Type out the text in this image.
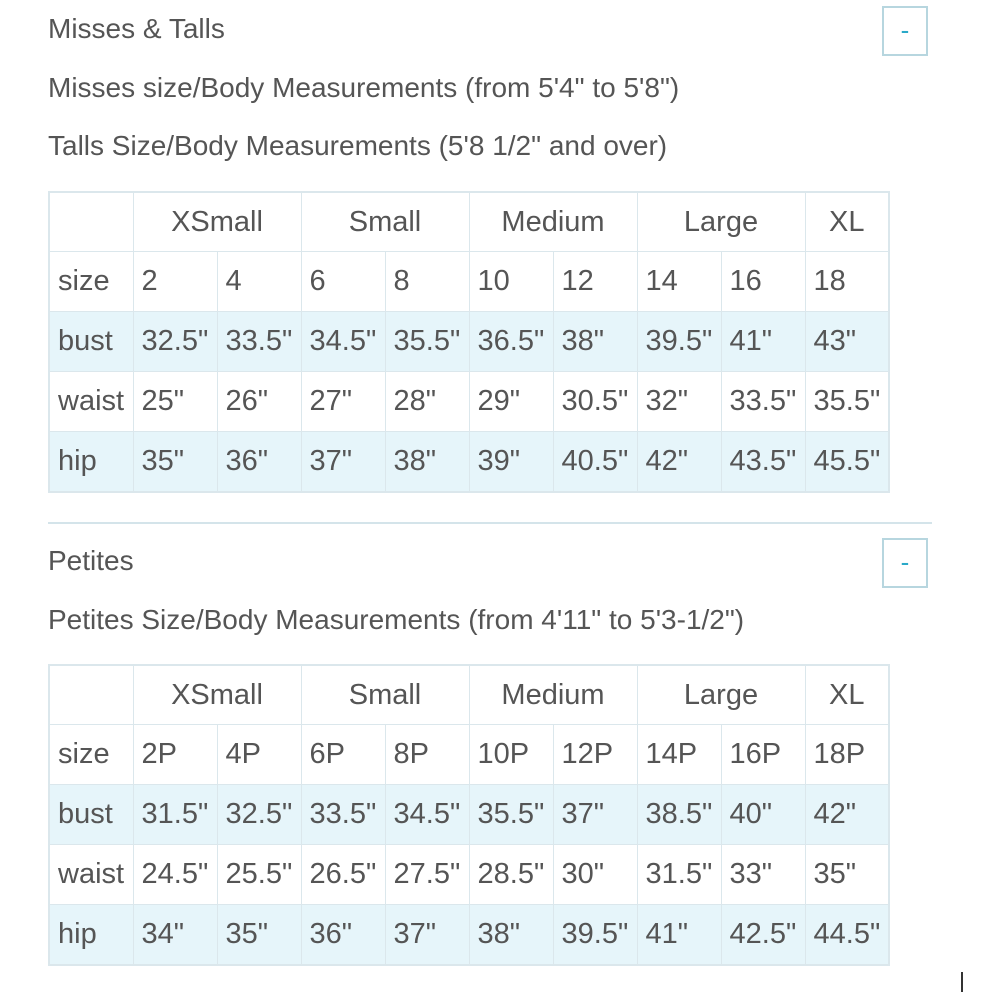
Misses & Talls	-
Misses size/Body Measurements (from 5'4" to 5'8")
Talls Size/Body Measurements (5'8 1/2" and over)
	XSmall		Small		Medium		Large		XL
size	2	4	6	8	10	12	14	16	18
bust	32.5"	33.5"	34.5"	35.5"	36.5"	38"	39.5"	41"	43"
waist	25"	26"	27"	28"	29"	30.5"	32"	33.5"	35.5"
hip	35"	36"	37"	38"	39"	40.5"	42"	43.5"	45.5"
Petites	-
Petites Size/Body Measurements (from 4'11" to 5'3-1/2")
	XSmall		Small		Medium		Large		XL
size	2P	4P	6P	8P	10P	12P	14P	16P	18P
bust	31.5"	32.5"	33.5"	34.5"	35.5"	37"	38.5"	40"	42"
waist	24.5"	25.5"	26.5"	27.5"	28.5"	30"	31.5"	33"	35"
hip	34"	35"	36"	37"	38"	39.5"	41"	42.5"	44.5"
